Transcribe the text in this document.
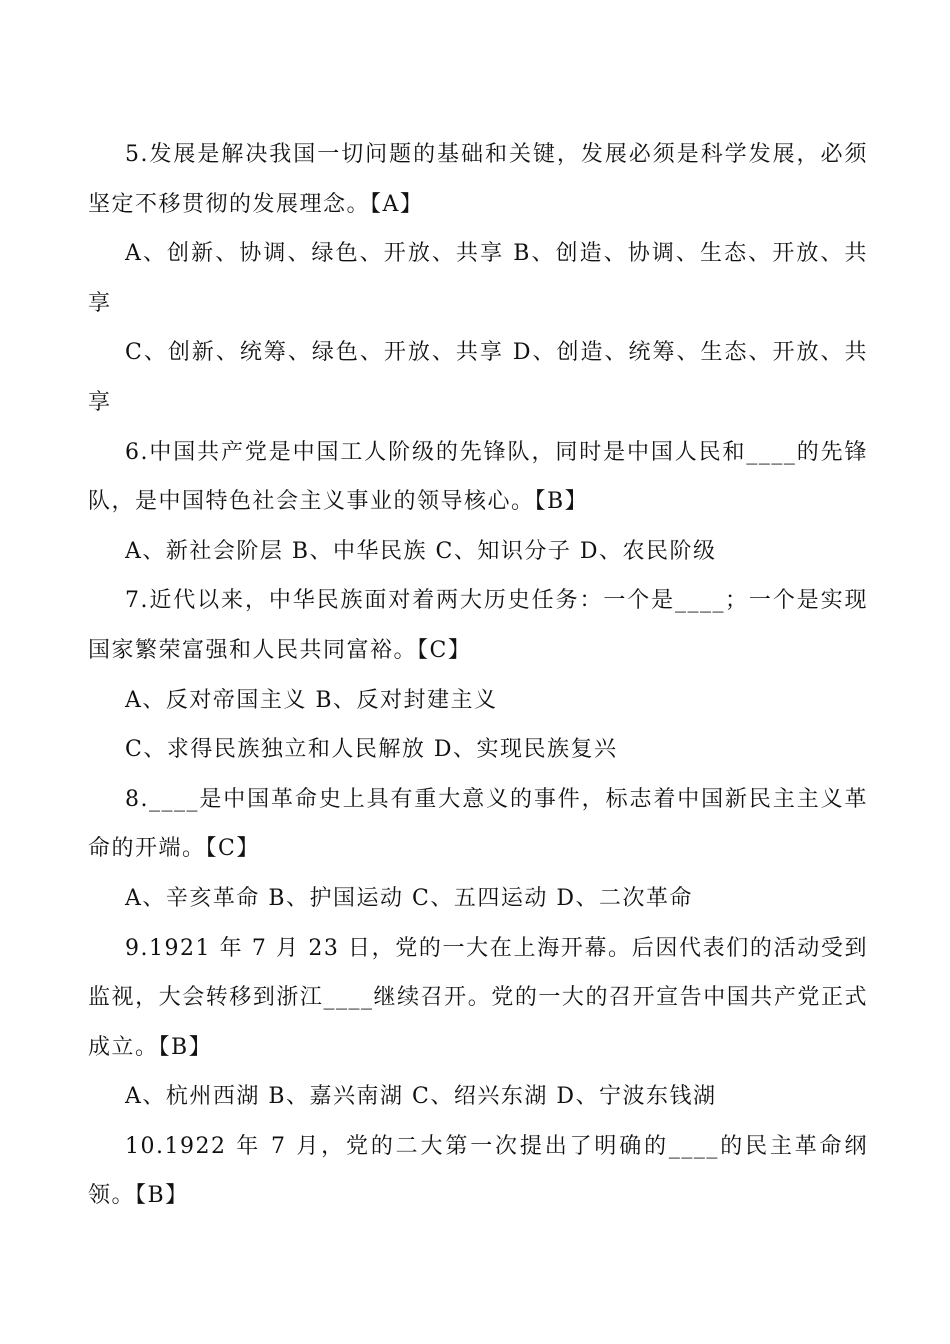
5.发展是解决我国一切问题的基础和关键，发展必须是科学发展，必须坚定不移贯彻的发展理念。【A】

A、创新、协调、绿色、开放、共享 B、创造、协调、生态、开放、共享

C、创新、统筹、绿色、开放、共享 D、创造、统筹、生态、开放、共享

6.中国共产党是中国工人阶级的先锋队，同时是中国人民和____的先锋队，是中国特色社会主义事业的领导核心。【B】

A、新社会阶层 B、中华民族 C、知识分子 D、农民阶级

7.近代以来，中华民族面对着两大历史任务：一个是____；一个是实现国家繁荣富强和人民共同富裕。【C】

A、反对帝国主义 B、反对封建主义

C、求得民族独立和人民解放 D、实现民族复兴

8.____是中国革命史上具有重大意义的事件，标志着中国新民主主义革命的开端。【C】

A、辛亥革命 B、护国运动 C、五四运动 D、二次革命

9.1921 年 7 月 23 日，党的一大在上海开幕。后因代表们的活动受到监视，大会转移到浙江____继续召开。党的一大的召开宣告中国共产党正式成立。【B】

A、杭州西湖 B、嘉兴南湖 C、绍兴东湖 D、宁波东钱湖

10.1922 年 7 月，党的二大第一次提出了明确的____的民主革命纲领。【B】
